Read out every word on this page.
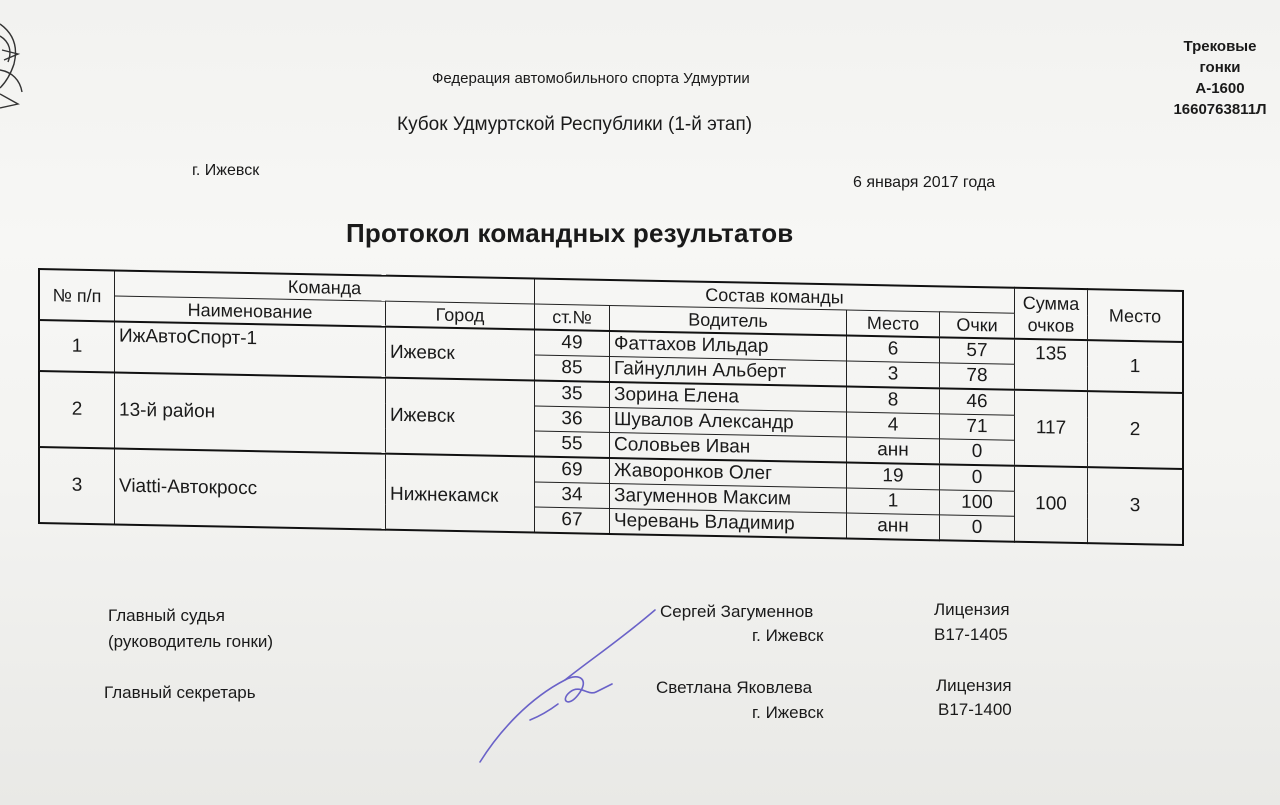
Трековые
гонки
А-1600
1660763811Л
Федерация автомобильного спорта Удмуртии
Кубок Удмуртской Республики (1-й этап)
г. Ижевск
6 января 2017 года
Протокол командных результатов
№ п/п	Команда		Состав команды				Сумма очков	Место
	Наименование	Город	ст.№	Водитель	Место	Очки		
1	ИжАвтоСпорт-1	Ижевск	49	Фаттахов Ильдар	6	57	135	1
			85	Гайнуллин Альберт	3	78		
2	13-й район	Ижевск	35	Зорина Елена	8	46	117	2
			36	Шувалов Александр	4	71		
			55	Соловьев Иван	анн	0		
3	Viatti-Автокросс	Нижнекамск	69	Жаворонков Олег	19	0	100	3
			34	Загуменнов Максим	1	100		
			67	Черевань Владимир	анн	0		
Главный судья
(руководитель гонки)
Главный секретарь
Сергей Загуменнов
г. Ижевск
Лицензия
В17-1405
Светлана Яковлева
г. Ижевск
Лицензия
В17-1400
